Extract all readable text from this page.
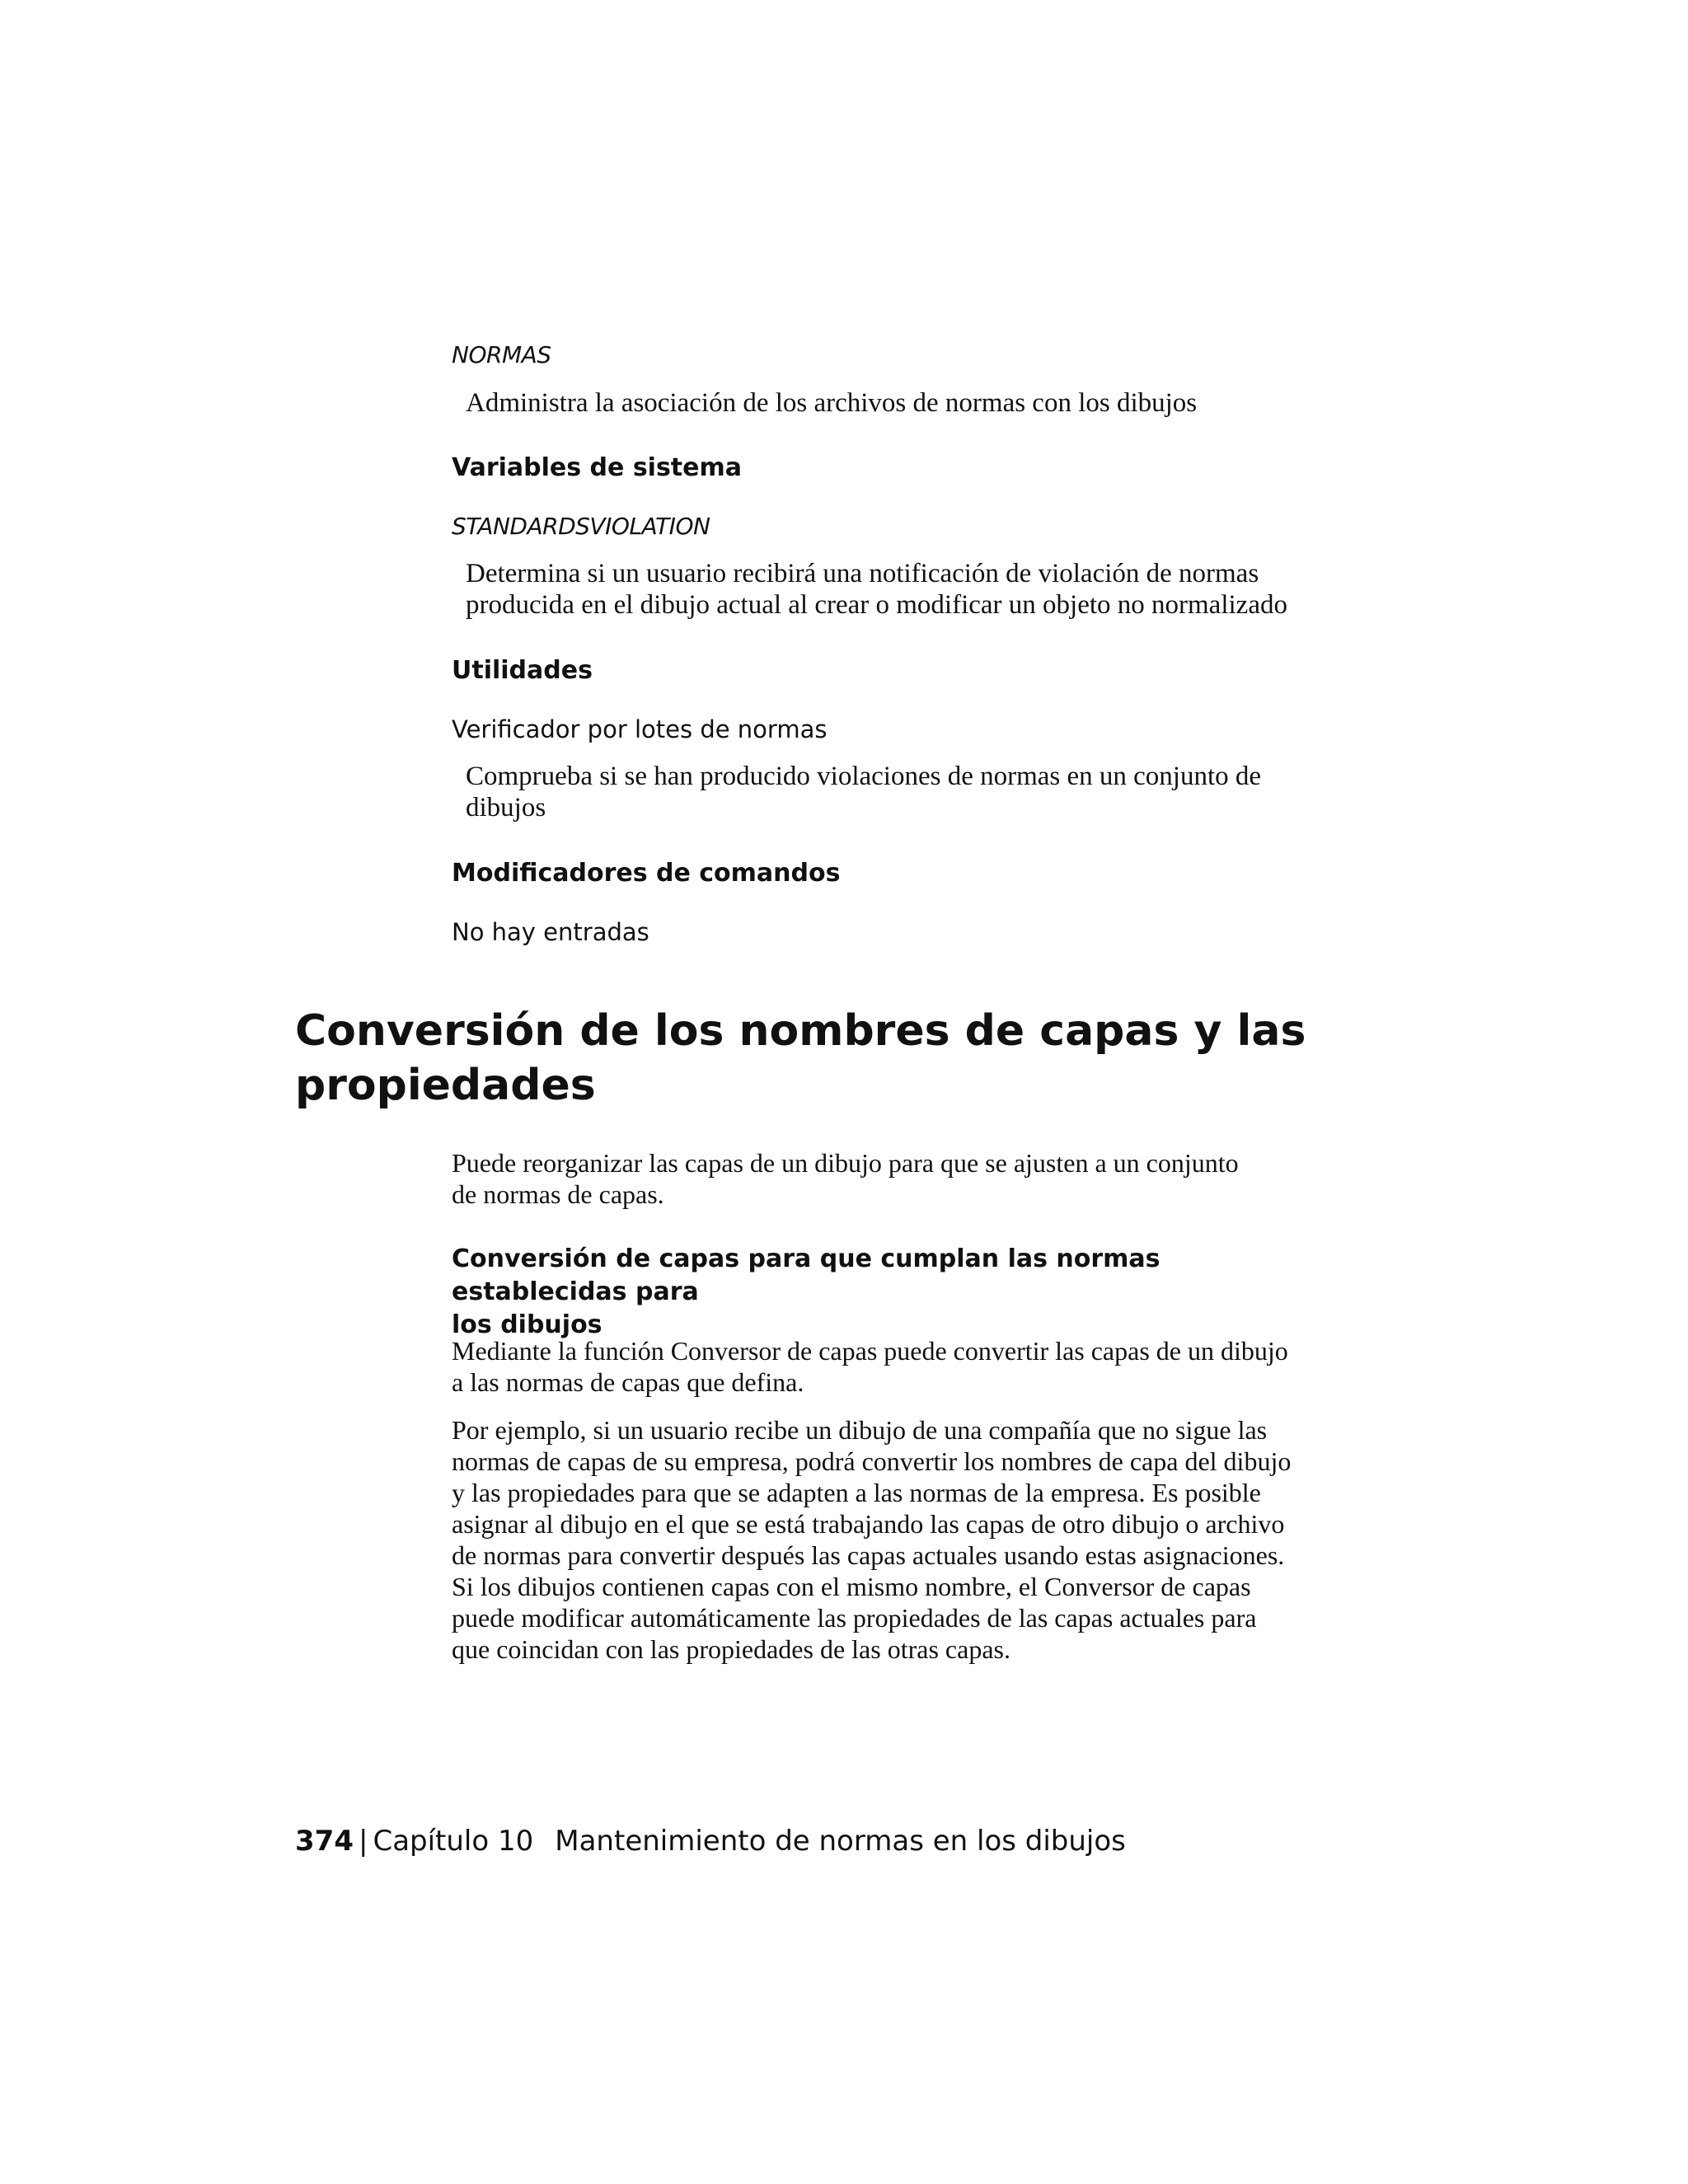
NORMAS
Administra la asociación de los archivos de normas con los dibujos
Variables de sistema
STANDARDSVIOLATION
Determina si un usuario recibirá una notificación de violación de normas
producida en el dibujo actual al crear o modificar un objeto no normalizado
Utilidades
Verificador por lotes de normas
Comprueba si se han producido violaciones de normas en un conjunto de
dibujos
Modificadores de comandos
No hay entradas
Conversión de los nombres de capas y las
propiedades
Puede reorganizar las capas de un dibujo para que se ajusten a un conjunto
de normas de capas.
Conversión de capas para que cumplan las normas establecidas para
los dibujos
Mediante la función Conversor de capas puede convertir las capas de un dibujo
a las normas de capas que defina.
Por ejemplo, si un usuario recibe un dibujo de una compañía que no sigue las
normas de capas de su empresa, podrá convertir los nombres de capa del dibujo
y las propiedades para que se adapten a las normas de la empresa. Es posible
asignar al dibujo en el que se está trabajando las capas de otro dibujo o archivo
de normas para convertir después las capas actuales usando estas asignaciones.
Si los dibujos contienen capas con el mismo nombre, el Conversor de capas
puede modificar automáticamente las propiedades de las capas actuales para
que coincidan con las propiedades de las otras capas.
374 | Capítulo 10 Mantenimiento de normas en los dibujos
